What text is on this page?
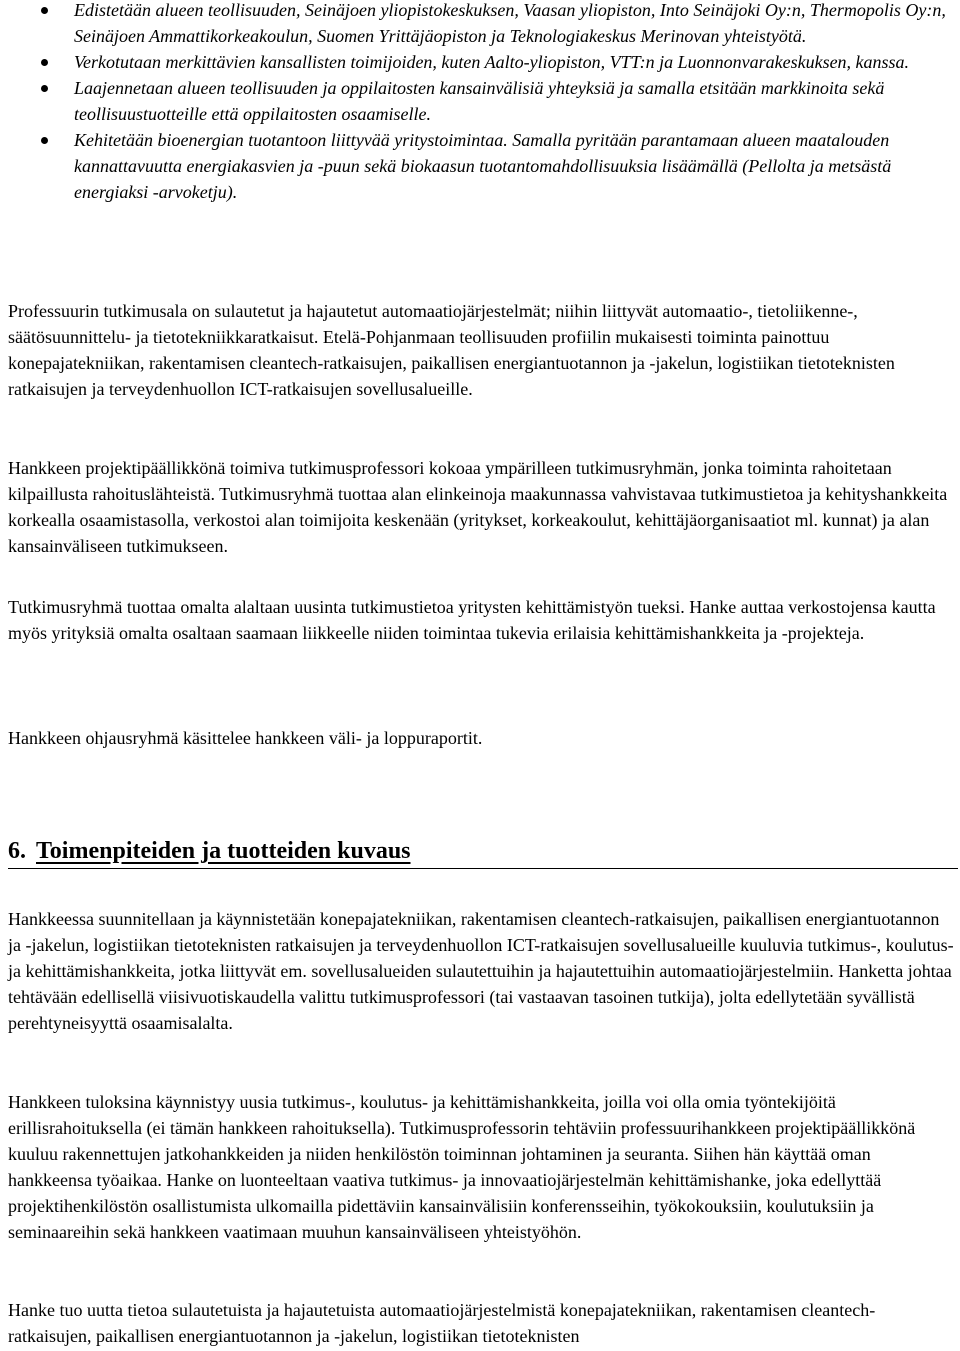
Edistetään alueen teollisuuden, Seinäjoen yliopistokeskuksen, Vaasan yliopiston, Into Seinäjoki Oy:n, Thermopolis Oy:n, Seinäjoen Ammattikorkeakoulun, Suomen Yrittäjäopiston ja Teknologiakeskus Merinovan yhteistyötä.
Verkotutaan merkittävien kansallisten toimijoiden, kuten Aalto-yliopiston, VTT:n ja Luonnonvarakeskuksen, kanssa.
Laajennetaan alueen teollisuuden ja oppilaitosten kansainvälisiä yhteyksiä ja samalla etsitään markkinoita sekä teollisuustuotteille että oppilaitosten osaamiselle.
Kehitetään bioenergian tuotantoon liittyvää yritystoimintaa. Samalla pyritään parantamaan alueen maatalouden kannattavuutta energiakasvien ja -puun sekä biokaasun tuotantomahdollisuuksia lisäämällä (Pellolta ja metsästä energiaksi -arvoketju).

Professuurin tutkimusala on sulautetut ja hajautetut automaatiojärjestelmät; niihin liittyvät automaatio-, tietoliikenne-, säätösuunnittelu- ja tietotekniikkaratkaisut. Etelä-Pohjanmaan teollisuuden profiilin mukaisesti toiminta painottuu konepajatekniikan, rakentamisen cleantech-ratkaisujen, paikallisen energiantuotannon ja -jakelun, logistiikan tietoteknisten ratkaisujen ja terveydenhuollon ICT-ratkaisujen sovellusalueille.

Hankkeen projektipäällikkönä toimiva tutkimusprofessori kokoaa ympärilleen tutkimusryhmän, jonka toiminta rahoitetaan kilpaillusta rahoituslähteistä. Tutkimusryhmä tuottaa alan elinkeinoja maakunnassa vahvistavaa tutkimustietoa ja kehityshankkeita korkealla osaamistasolla, verkostoi alan toimijoita keskenään (yritykset, korkeakoulut, kehittäjäorganisaatiot ml. kunnat) ja alan kansainväliseen tutkimukseen.

Tutkimusryhmä tuottaa omalta alaltaan uusinta tutkimustietoa yritysten kehittämistyön tueksi. Hanke auttaa verkostojensa kautta myös yrityksiä omalta osaltaan saamaan liikkeelle niiden toimintaa tukevia erilaisia kehittämishankkeita ja -projekteja.

Hankkeen ohjausryhmä käsittelee hankkeen väli- ja loppuraportit.

6. Toimenpiteiden ja tuotteiden kuvaus

Hankkeessa suunnitellaan ja käynnistetään konepajatekniikan, rakentamisen cleantech-ratkaisujen, paikallisen energiantuotannon ja -jakelun, logistiikan tietoteknisten ratkaisujen ja terveydenhuollon ICT-ratkaisujen sovellusalueille kuuluvia tutkimus-, koulutus- ja kehittämishankkeita, jotka liittyvät em. sovellusalueiden sulautettuihin ja hajautettuihin automaatiojärjestelmiin. Hanketta johtaa tehtävään edellisellä viisivuotiskaudella valittu tutkimusprofessori (tai vastaavan tasoinen tutkija), jolta edellytetään syvällistä perehtyneisyyttä osaamisalalta.

Hankkeen tuloksina käynnistyy uusia tutkimus-, koulutus- ja kehittämishankkeita, joilla voi olla omia työntekijöitä erillisrahoituksella (ei tämän hankkeen rahoituksella). Tutkimusprofessorin tehtäviin professuurihankkeen projektipäällikkönä kuuluu rakennettujen jatkohankkeiden ja niiden henkilöstön toiminnan johtaminen ja seuranta. Siihen hän käyttää oman hankkeensa työaikaa. Hanke on luonteeltaan vaativa tutkimus- ja innovaatiojärjestelmän kehittämishanke, joka edellyttää projektihenkilöstön osallistumista ulkomailla pidettäviin kansainvälisiin konferensseihin, työkokouksiin, koulutuksiin ja seminaareihin sekä hankkeen vaatimaan muuhun kansainväliseen yhteistyöhön.

Hanke tuo uutta tietoa sulautetuista ja hajautetuista automaatiojärjestelmistä konepajatekniikan, rakentamisen cleantech-ratkaisujen, paikallisen energiantuotannon ja -jakelun, logistiikan tietoteknisten
